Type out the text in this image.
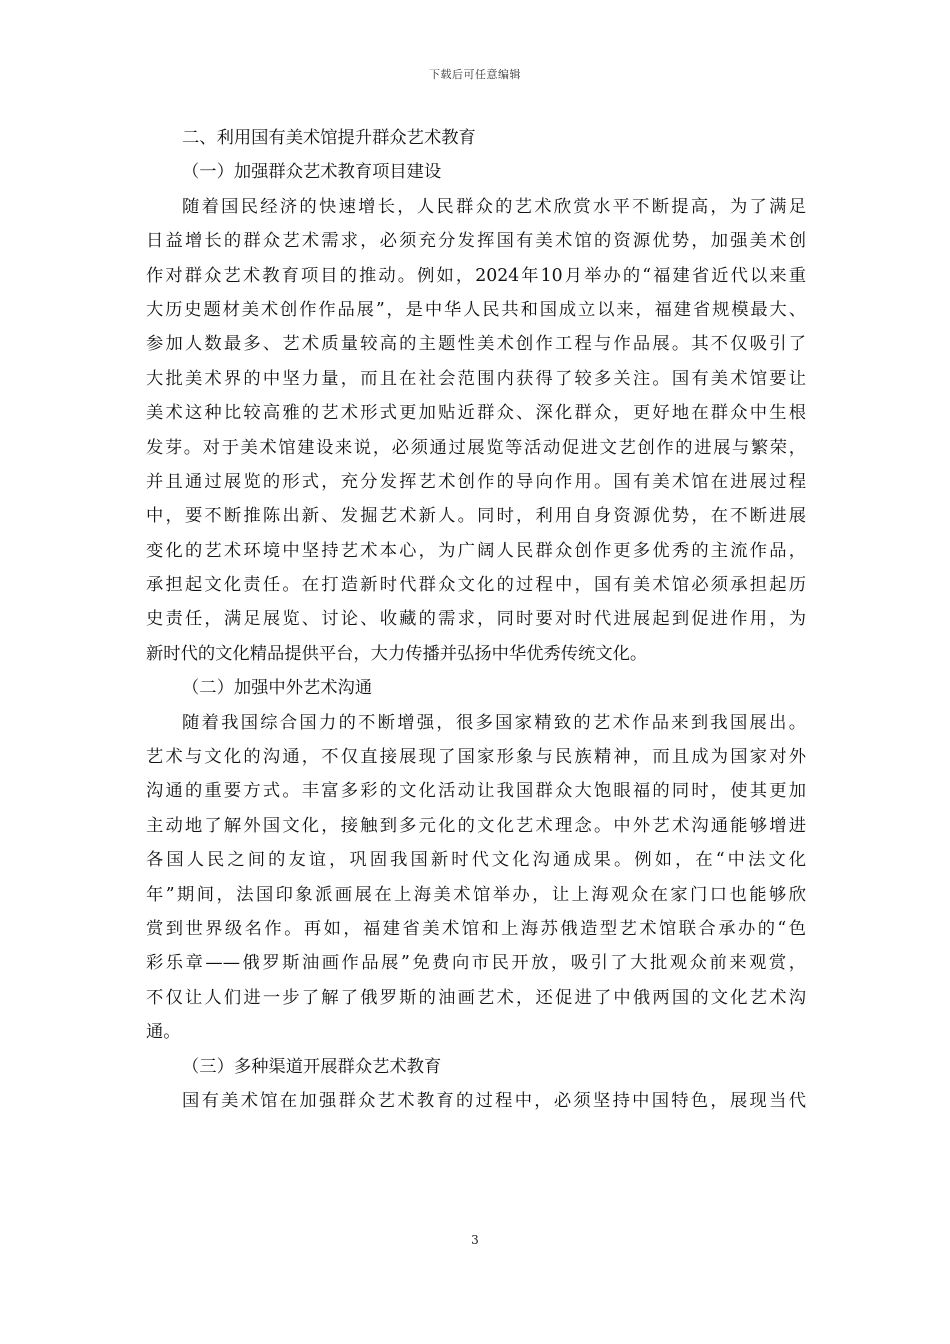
下载后可任意编辑
二、利用国有美术馆提升群众艺术教育
（一）加强群众艺术教育项目建设
随着国民经济的快速增长，人民群众的艺术欣赏水平不断提高，为了满足
日益增长的群众艺术需求，必须充分发挥国有美术馆的资源优势，加强美术创
作对群众艺术教育项目的推动。例如，2024年10月举办的“福建省近代以来重
大历史题材美术创作作品展”，是中华人民共和国成立以来，福建省规模最大、
参加人数最多、艺术质量较高的主题性美术创作工程与作品展。其不仅吸引了
大批美术界的中坚力量，而且在社会范围内获得了较多关注。国有美术馆要让
美术这种比较高雅的艺术形式更加贴近群众、深化群众，更好地在群众中生根
发芽。对于美术馆建设来说，必须通过展览等活动促进文艺创作的进展与繁荣，
并且通过展览的形式，充分发挥艺术创作的导向作用。国有美术馆在进展过程
中，要不断推陈出新、发掘艺术新人。同时，利用自身资源优势，在不断进展
变化的艺术环境中坚持艺术本心，为广阔人民群众创作更多优秀的主流作品，
承担起文化责任。在打造新时代群众文化的过程中，国有美术馆必须承担起历
史责任，满足展览、讨论、收藏的需求，同时要对时代进展起到促进作用，为
新时代的文化精品提供平台，大力传播并弘扬中华优秀传统文化。
（二）加强中外艺术沟通
随着我国综合国力的不断增强，很多国家精致的艺术作品来到我国展出。
艺术与文化的沟通，不仅直接展现了国家形象与民族精神，而且成为国家对外
沟通的重要方式。丰富多彩的文化活动让我国群众大饱眼福的同时，使其更加
主动地了解外国文化，接触到多元化的文化艺术理念。中外艺术沟通能够增进
各国人民之间的友谊，巩固我国新时代文化沟通成果。例如，在“中法文化
年”期间，法国印象派画展在上海美术馆举办，让上海观众在家门口也能够欣
赏到世界级名作。再如，福建省美术馆和上海苏俄造型艺术馆联合承办的“色
彩乐章——俄罗斯油画作品展”免费向市民开放，吸引了大批观众前来观赏，
不仅让人们进一步了解了俄罗斯的油画艺术，还促进了中俄两国的文化艺术沟
通。
（三）多种渠道开展群众艺术教育
国有美术馆在加强群众艺术教育的过程中，必须坚持中国特色，展现当代
3
